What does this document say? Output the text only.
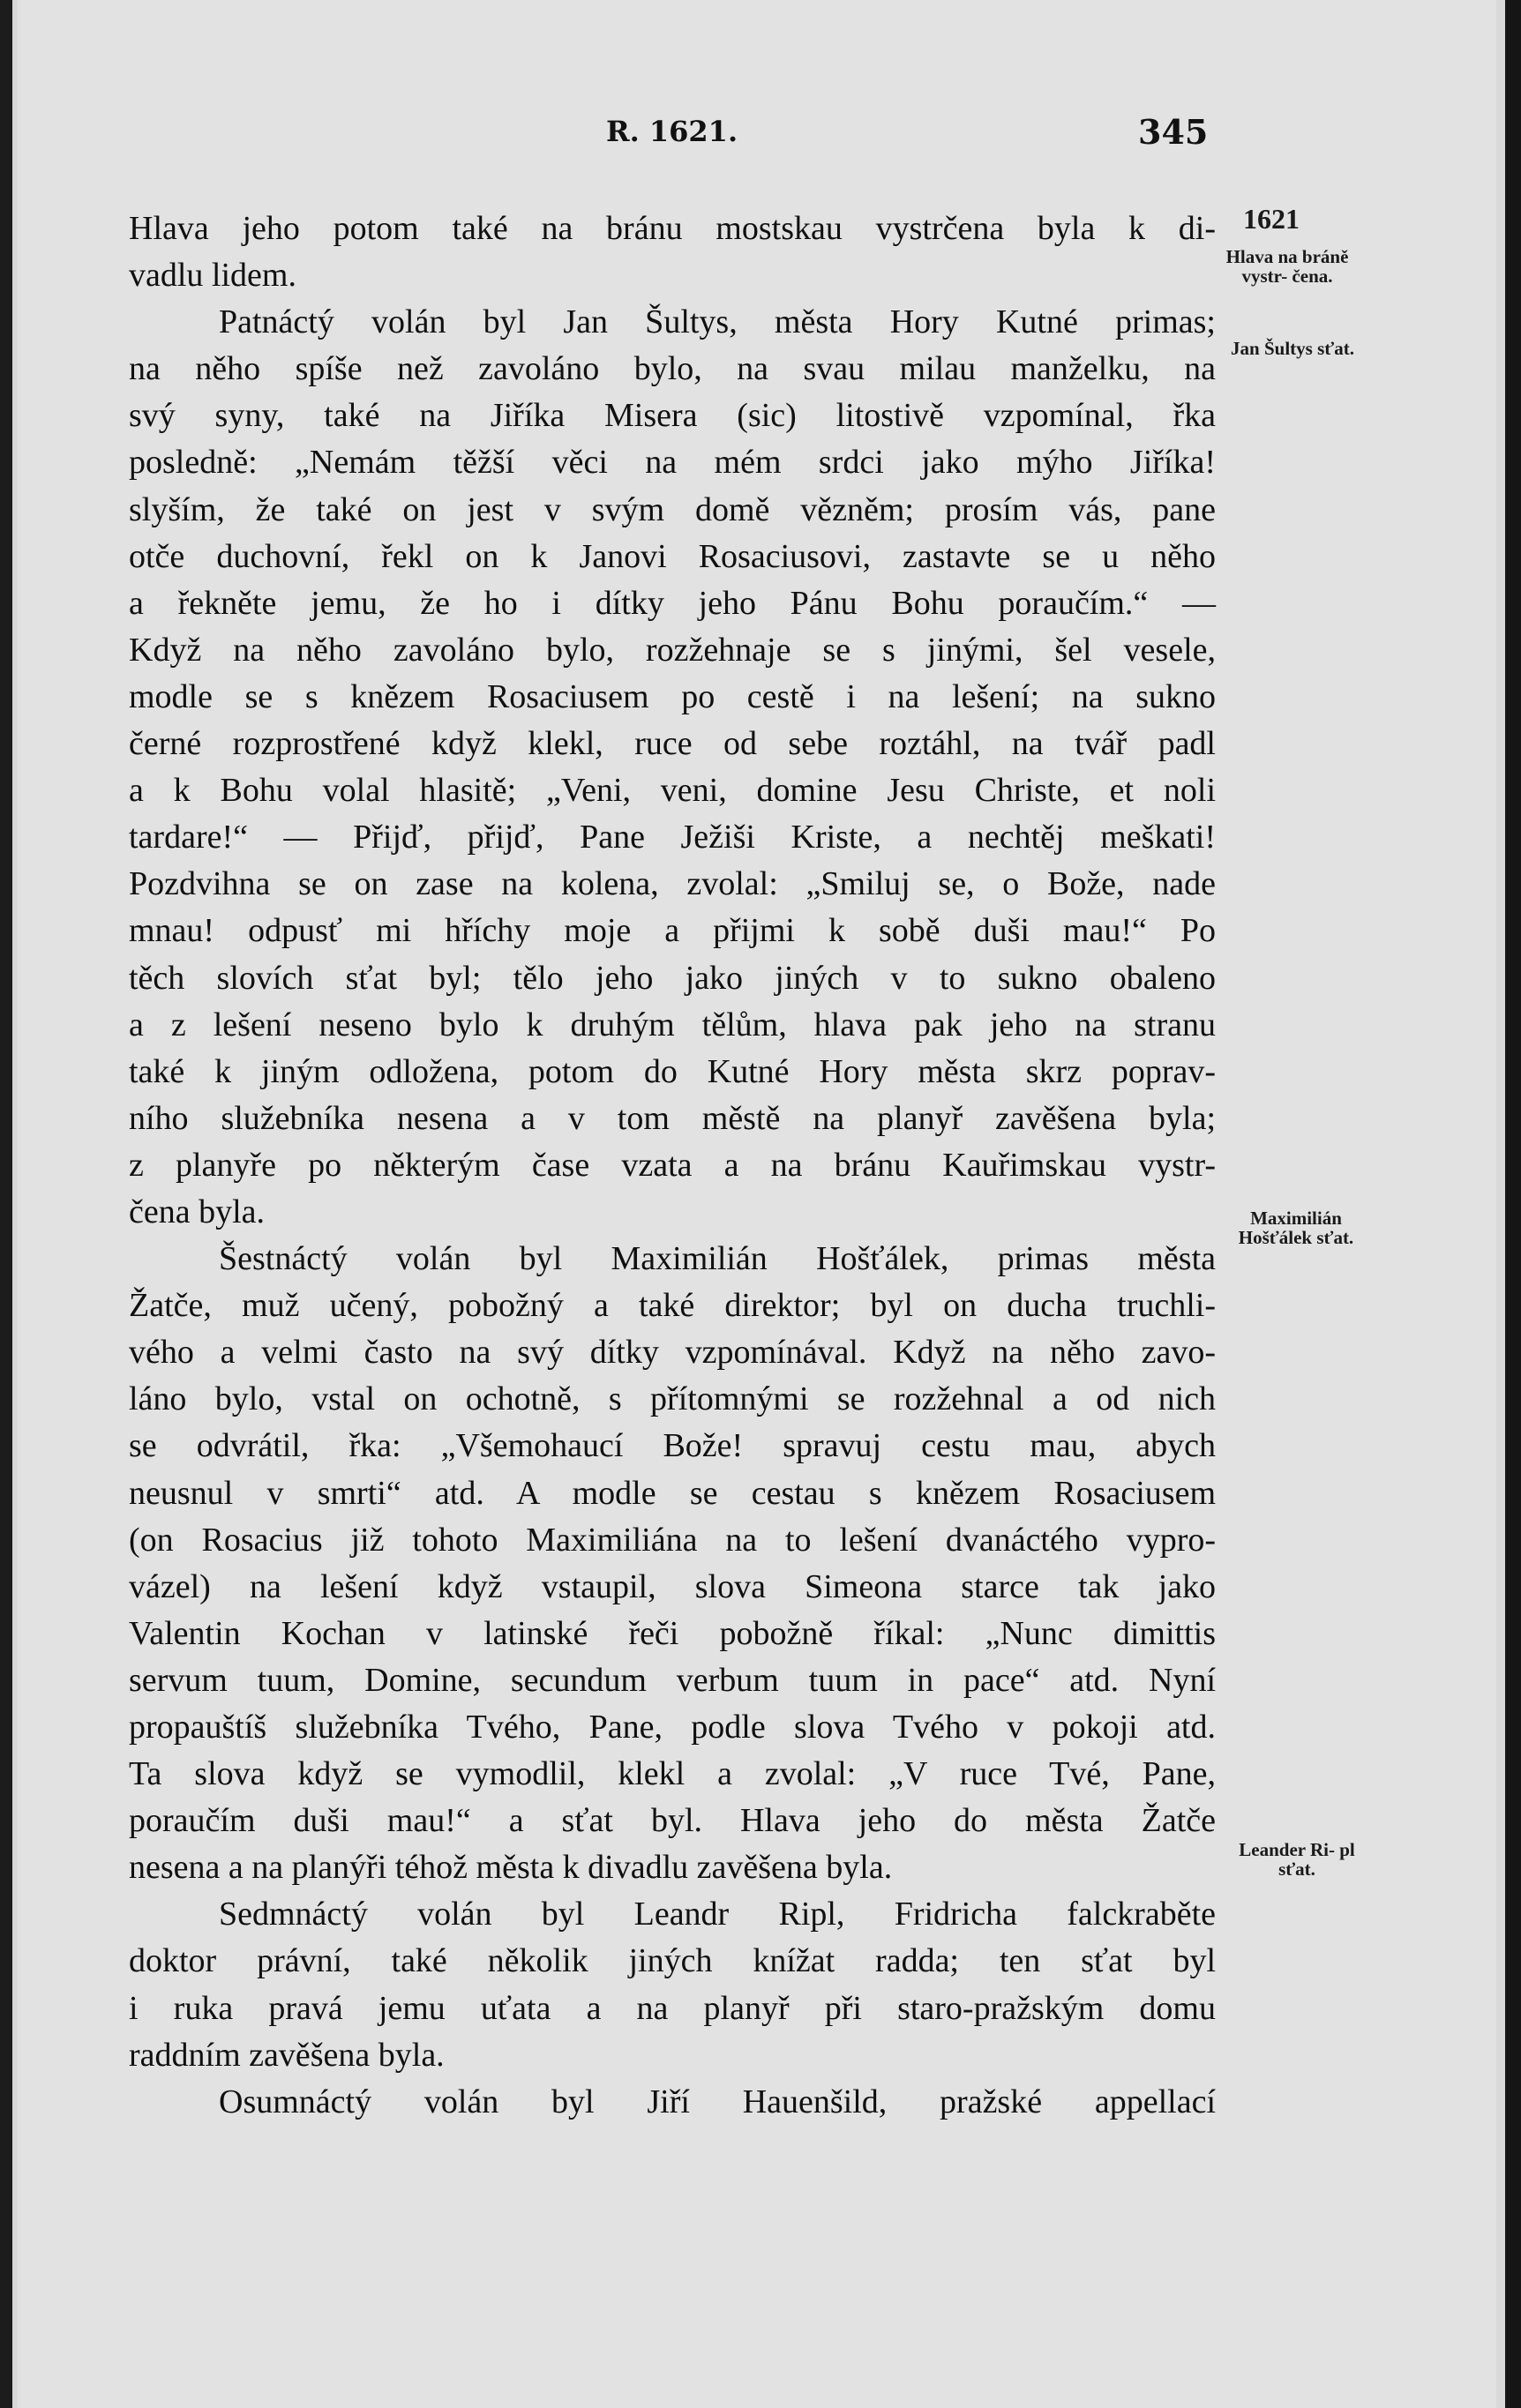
R. 1621.	345
1621
Hlava na bráně vystr- čena.
Jan Šultys sťat.
Maximilián Hošťálek sťat.
Leander Ri- pl sťat.
Hlava jeho potom také na bránu mostskau vystrčena byla k di-
vadlu lidem.
Patnáctý volán byl Jan Šultys, města Hory Kutné primas;
na něho spíše než zavoláno bylo, na svau milau manželku, na
svý syny, také na Jiříka Misera (sic) litostivě vzpomínal, řka
posledně: „Nemám těžší věci na mém srdci jako mýho Jiříka!
slyším, že také on jest v svým domě vězněm; prosím vás, pane
otče duchovní, řekl on k Janovi Rosaciusovi, zastavte se u něho
a řekněte jemu, že ho i dítky jeho Pánu Bohu poraučím.“ —
Když na něho zavoláno bylo, rozžehnaje se s jinými, šel vesele,
modle se s knězem Rosaciusem po cestě i na lešení; na sukno
černé rozprostřené když klekl, ruce od sebe roztáhl, na tvář padl
a k Bohu volal hlasitě; „Veni, veni, domine Jesu Christe, et noli
tardare!“ — Přijď, přijď, Pane Ježiši Kriste, a nechtěj meškati!
Pozdvihna se on zase na kolena, zvolal: „Smiluj se, o Bože, nade
mnau! odpusť mi hříchy moje a přijmi k sobě duši mau!“ Po
těch slovích sťat byl; tělo jeho jako jiných v to sukno obaleno
a z lešení neseno bylo k druhým tělům, hlava pak jeho na stranu
také k jiným odložena, potom do Kutné Hory města skrz poprav-
ního služebníka nesena a v tom městě na planyř zavěšena byla;
z planyře po některým čase vzata a na bránu Kauřimskau vystr-
čena byla.
Šestnáctý volán byl Maximilián Hošťálek, primas města
Žatče, muž učený, pobožný a také direktor; byl on ducha truchli-
vého a velmi často na svý dítky vzpomínával. Když na něho zavo-
láno bylo, vstal on ochotně, s přítomnými se rozžehnal a od nich
se odvrátil, řka: „Všemohaucí Bože! spravuj cestu mau, abych
neusnul v smrti“ atd. A modle se cestau s knězem Rosaciusem
(on Rosacius již tohoto Maximiliána na to lešení dvanáctého vypro-
vázel) na lešení když vstaupil, slova Simeona starce tak jako
Valentin Kochan v latinské řeči pobožně říkal: „Nunc dimittis
servum tuum, Domine, secundum verbum tuum in pace“ atd. Nyní
propauštíš služebníka Tvého, Pane, podle slova Tvého v pokoji atd.
Ta slova když se vymodlil, klekl a zvolal: „V ruce Tvé, Pane,
poraučím duši mau!“ a sťat byl. Hlava jeho do města Žatče
nesena a na planýři téhož města k divadlu zavěšena byla.
Sedmnáctý volán byl Leandr Ripl, Fridricha falckraběte
doktor právní, také několik jiných knížat radda; ten sťat byl
i ruka pravá jemu uťata a na planyř při staro-pražským domu
raddním zavěšena byla.
Osumnáctý volán byl Jiří Hauenšild, pražské appellací
